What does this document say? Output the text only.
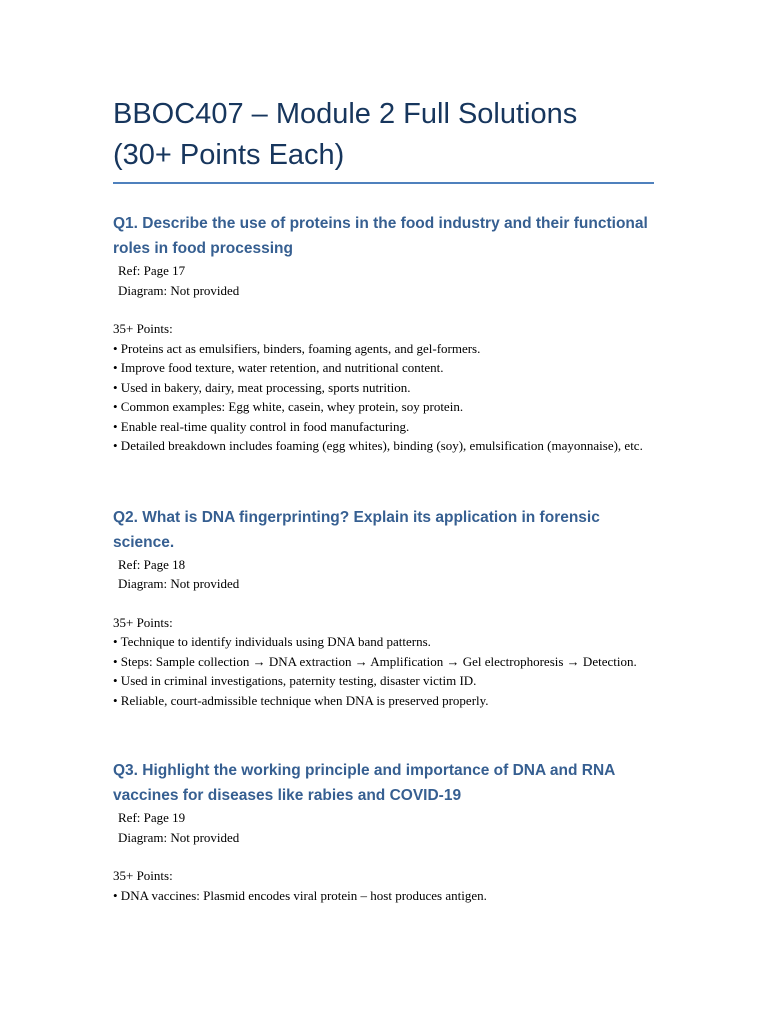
BBOC407 – Module 2 Full Solutions
(30+ Points Each)
Q1. Describe the use of proteins in the food industry and their functional roles in food processing
Ref: Page 17
Diagram: Not provided
35+ Points:
• Proteins act as emulsifiers, binders, foaming agents, and gel-formers.
• Improve food texture, water retention, and nutritional content.
• Used in bakery, dairy, meat processing, sports nutrition.
• Common examples: Egg white, casein, whey protein, soy protein.
• Enable real-time quality control in food manufacturing.
• Detailed breakdown includes foaming (egg whites), binding (soy), emulsification (mayonnaise), etc.
Q2. What is DNA fingerprinting? Explain its application in forensic science.
Ref: Page 18
Diagram: Not provided
35+ Points:
• Technique to identify individuals using DNA band patterns.
• Steps: Sample collection → DNA extraction → Amplification → Gel electrophoresis → Detection.
• Used in criminal investigations, paternity testing, disaster victim ID.
• Reliable, court-admissible technique when DNA is preserved properly.
Q3. Highlight the working principle and importance of DNA and RNA vaccines for diseases like rabies and COVID-19
Ref: Page 19
Diagram: Not provided
35+ Points:
• DNA vaccines: Plasmid encodes viral protein – host produces antigen.
